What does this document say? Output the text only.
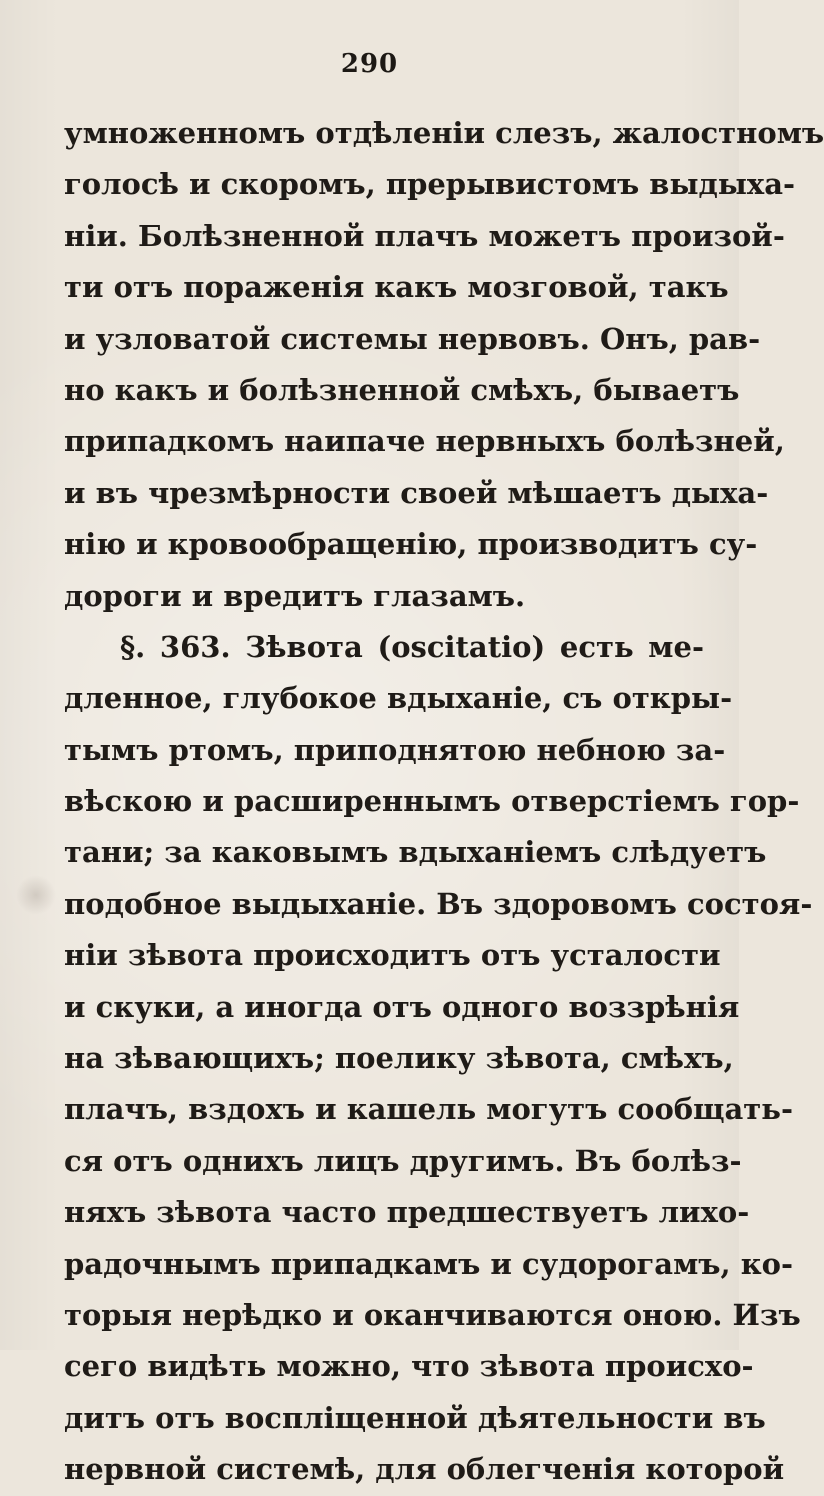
290
умноженномъ отдѣленіи слезъ, жалостномъ
голосѣ и скоромъ, прерывистомъ выдыха-
ніи. Болѣзненной плачъ можетъ произой-
ти отъ пораженія какъ мозговой, такъ
и узловатой системы нервовъ. Онъ, рав-
но какъ и болѣзненной смѣхъ, бываетъ
припадкомъ наипаче нервныхъ болѣзней,
и въ чрезмѣрности своей мѣшаетъ дыха-
нію и кровообращенію, производитъ су-
дороги и вредитъ глазамъ.
§. 363. Зѣвота (oscitatio) есть ме-
дленное, глубокое вдыханіе, съ откры-
тымъ ртомъ, приподнятою небною за-
вѣскою и расширеннымъ отверстіемъ гор-
тани; за каковымъ вдыханіемъ слѣдуетъ
подобное выдыханіе. Въ здоровомъ состоя-
ніи зѣвота происходитъ отъ усталости
и скуки, а иногда отъ одного воззрѣнія
на зѣвающихъ; поелику зѣвота, смѣхъ,
плачъ, вздохъ и кашель могутъ сообщать-
ся отъ однихъ лицъ другимъ. Въ болѣз-
няхъ зѣвота часто предшествуетъ лихо-
радочнымъ припадкамъ и судорогамъ, ко-
торыя нерѣдко и оканчиваются оною. Изъ
сего видѣть можно, что зѣвота происхо-
дитъ отъ воспліщенной дѣятельности въ
нервной системѣ, для облегченія которой
